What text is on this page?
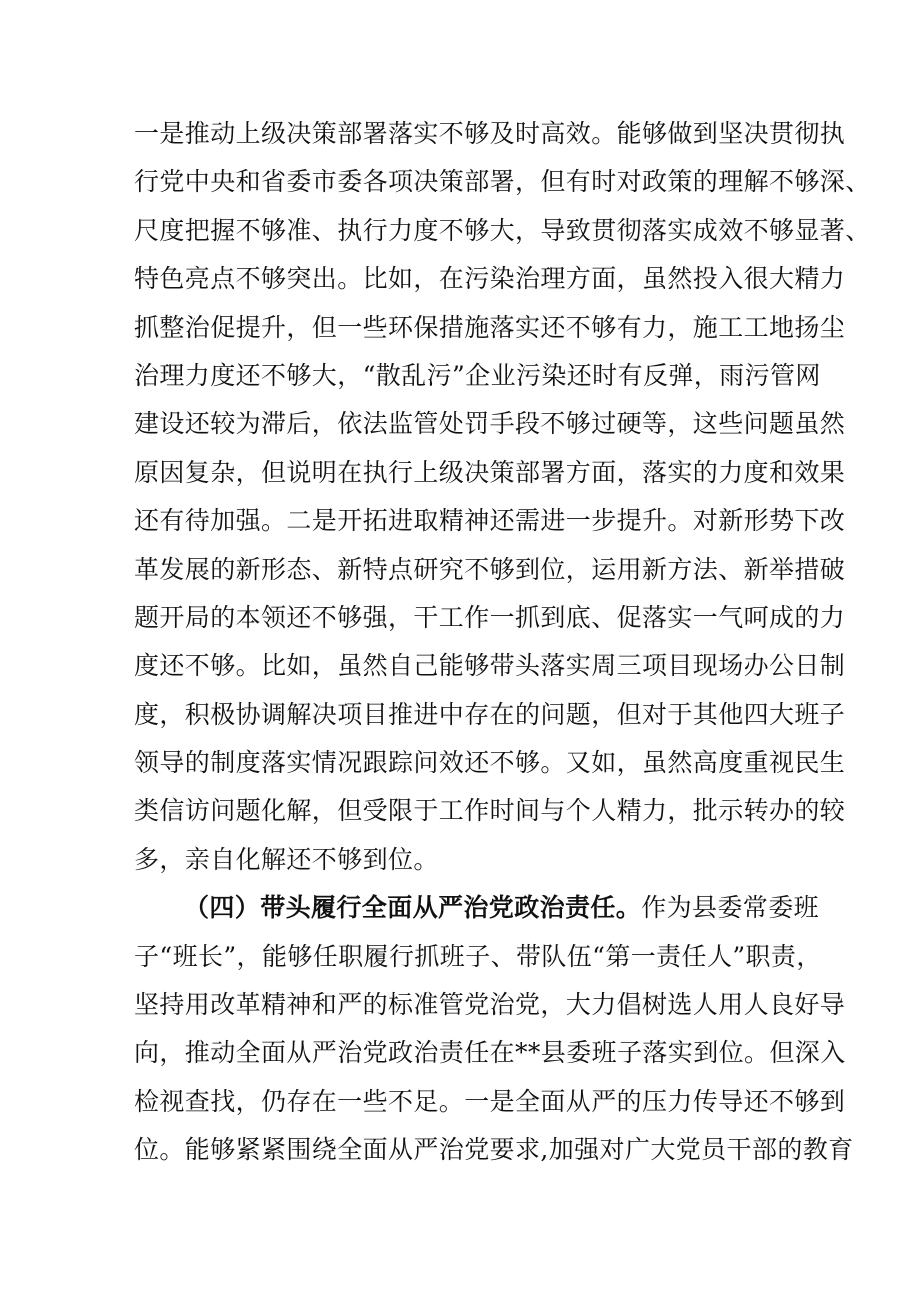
一是推动上级决策部署落实不够及时高效。能够做到坚决贯彻执
行党中央和省委市委各项决策部署，但有时对政策的理解不够深、
尺度把握不够准、执行力度不够大，导致贯彻落实成效不够显著、
特色亮点不够突出。比如，在污染治理方面，虽然投入很大精力
抓整治促提升，但一些环保措施落实还不够有力，施工工地扬尘
治理力度还不够大，“散乱污”企业污染还时有反弹，雨污管网
建设还较为滞后，依法监管处罚手段不够过硬等，这些问题虽然
原因复杂，但说明在执行上级决策部署方面，落实的力度和效果
还有待加强。二是开拓进取精神还需进一步提升。对新形势下改
革发展的新形态、新特点研究不够到位，运用新方法、新举措破
题开局的本领还不够强，干工作一抓到底、促落实一气呵成的力
度还不够。比如，虽然自己能够带头落实周三项目现场办公日制
度，积极协调解决项目推进中存在的问题，但对于其他四大班子
领导的制度落实情况跟踪问效还不够。又如，虽然高度重视民生
类信访问题化解，但受限于工作时间与个人精力，批示转办的较
多，亲自化解还不够到位。
（四）带头履行全面从严治党政治责任。作为县委常委班
子“班长”，能够任职履行抓班子、带队伍“第一责任人”职责，
坚持用改革精神和严的标准管党治党，大力倡树选人用人良好导
向，推动全面从严治党政治责任在**县委班子落实到位。但深入
检视查找，仍存在一些不足。一是全面从严的压力传导还不够到
位。能够紧紧围绕全面从严治党要求,加强对广大党员干部的教育
